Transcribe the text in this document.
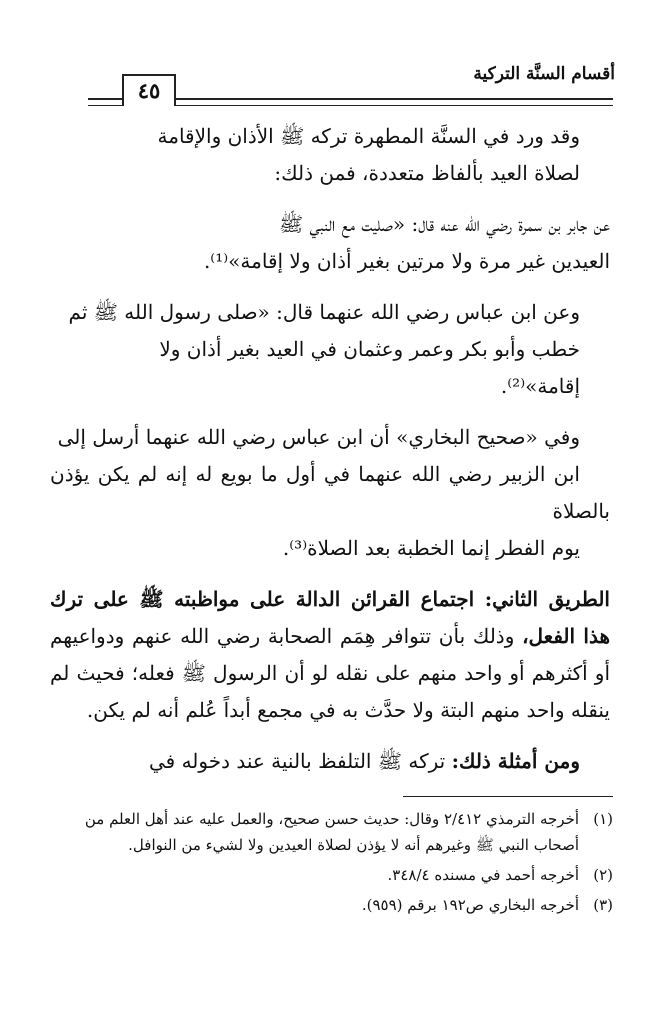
٤٥
أقسام السنَّة التركية

وقد ورد في السنَّة المطهرة تركه ﷺ الأذان والإقامة
لصلاة العيد بألفاظ متعددة، فمن ذلك:

عن جابر بن سمرة رضي الله عنه قال: «صليت مع النبي ﷺ
العيدين غير مرة ولا مرتين بغير أذان ولا إقامة»⁽¹⁾.

وعن ابن عباس رضي الله عنهما قال: «صلى رسول الله ﷺ ثم
خطب وأبو بكر وعمر وعثمان في العيد بغير أذان ولا
إقامة»⁽²⁾.

وفي «صحيح البخاري» أن ابن عباس رضي الله عنهما أرسل إلى
ابن الزبير رضي الله عنهما في أول ما بويع له إنه لم يكن يؤذن بالصلاة
يوم الفطر إنما الخطبة بعد الصلاة⁽³⁾.

الطريق الثاني: اجتماع القرائن الدالة على مواظبته ﷺ على ترك هذا الفعل، وذلك بأن تتوافر هِمَم الصحابة رضي الله عنهم ودواعيهم أو أكثرهم أو واحد منهم على نقله لو أن الرسول ﷺ فعله؛ فحيث لم ينقله واحد منهم البتة ولا حدَّث به في مجمع أبداً عُلم أنه لم يكن.

ومن أمثلة ذلك: تركه ﷺ التلفظ بالنية عند دخوله في

(١)
أخرجه الترمذي ٢/٤١٢ وقال: حديث حسن صحيح، والعمل عليه عند أهل العلم من أصحاب النبي ﷺ وغيرهم أنه لا يؤذن لصلاة العيدين ولا لشيء من النوافل.
(٢)
أخرجه أحمد في مسنده ٣٤٨/٤.
(٣)
أخرجه البخاري ص١٩٢ برقم (٩٥٩).
